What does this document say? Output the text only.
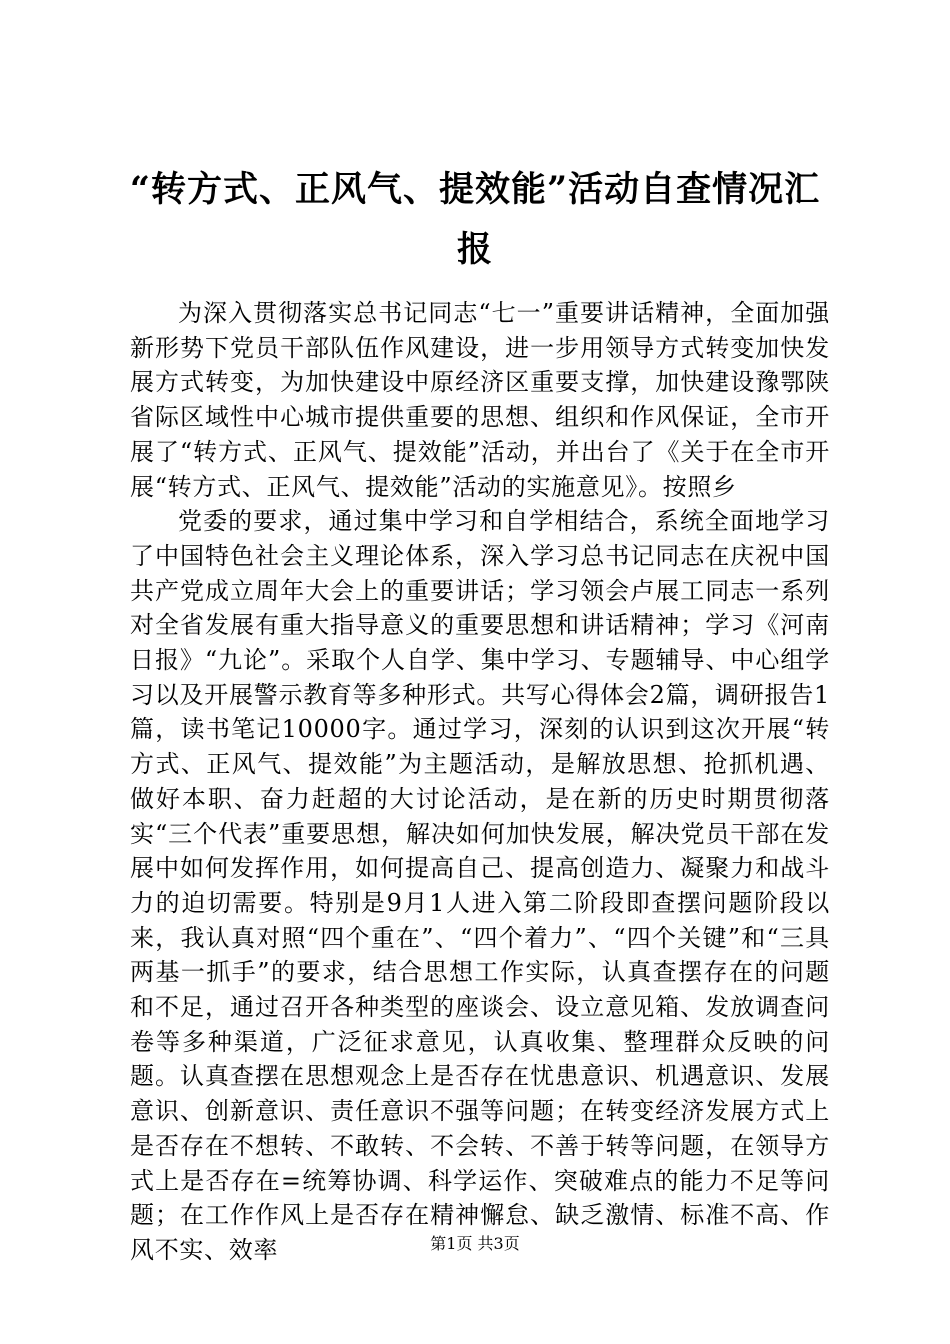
“转方式、正风气、提效能”活动自查情况汇报

为深入贯彻落实总书记同志“七一”重要讲话精神，全面加强新形势下党员干部队伍作风建设，进一步用领导方式转变加快发展方式转变，为加快建设中原经济区重要支撑，加快建设豫鄂陕省际区域性中心城市提供重要的思想、组织和作风保证，全市开展了“转方式、正风气、提效能”活动，并出台了《关于在全市开展“转方式、正风气、提效能”活动的实施意见》。按照乡

党委的要求，通过集中学习和自学相结合，系统全面地学习了中国特色社会主义理论体系，深入学习总书记同志在庆祝中国共产党成立周年大会上的重要讲话；学习领会卢展工同志一系列对全省发展有重大指导意义的重要思想和讲话精神；学习《河南日报》“九论”。采取个人自学、集中学习、专题辅导、中心组学习以及开展警示教育等多种形式。共写心得体会2篇，调研报告1篇，读书笔记10000字。通过学习，深刻的认识到这次开展“转方式、正风气、提效能”为主题活动，是解放思想、抢抓机遇、做好本职、奋力赶超的大讨论活动，是在新的历史时期贯彻落实“三个代表”重要思想，解决如何加快发展，解决党员干部在发展中如何发挥作用，如何提高自己、提高创造力、凝聚力和战斗力的迫切需要。特别是9月1人进入第二阶段即查摆问题阶段以来，我认真对照“四个重在”、“四个着力”、“四个关键”和“三具两基一抓手”的要求，结合思想工作实际，认真查摆存在的问题和不足，通过召开各种类型的座谈会、设立意见箱、发放调查问卷等多种渠道，广泛征求意见，认真收集、整理群众反映的问题。认真查摆在思想观念上是否存在忧患意识、机遇意识、发展意识、创新意识、责任意识不强等问题；在转变经济发展方式上是否存在不想转、不敢转、不会转、不善于转等问题，在领导方式上是否存在=统筹协调、科学运作、突破难点的能力不足等问题；在工作作风上是否存在精神懈怠、缺乏激情、标准不高、作风不实、效率	第1页 共3页
